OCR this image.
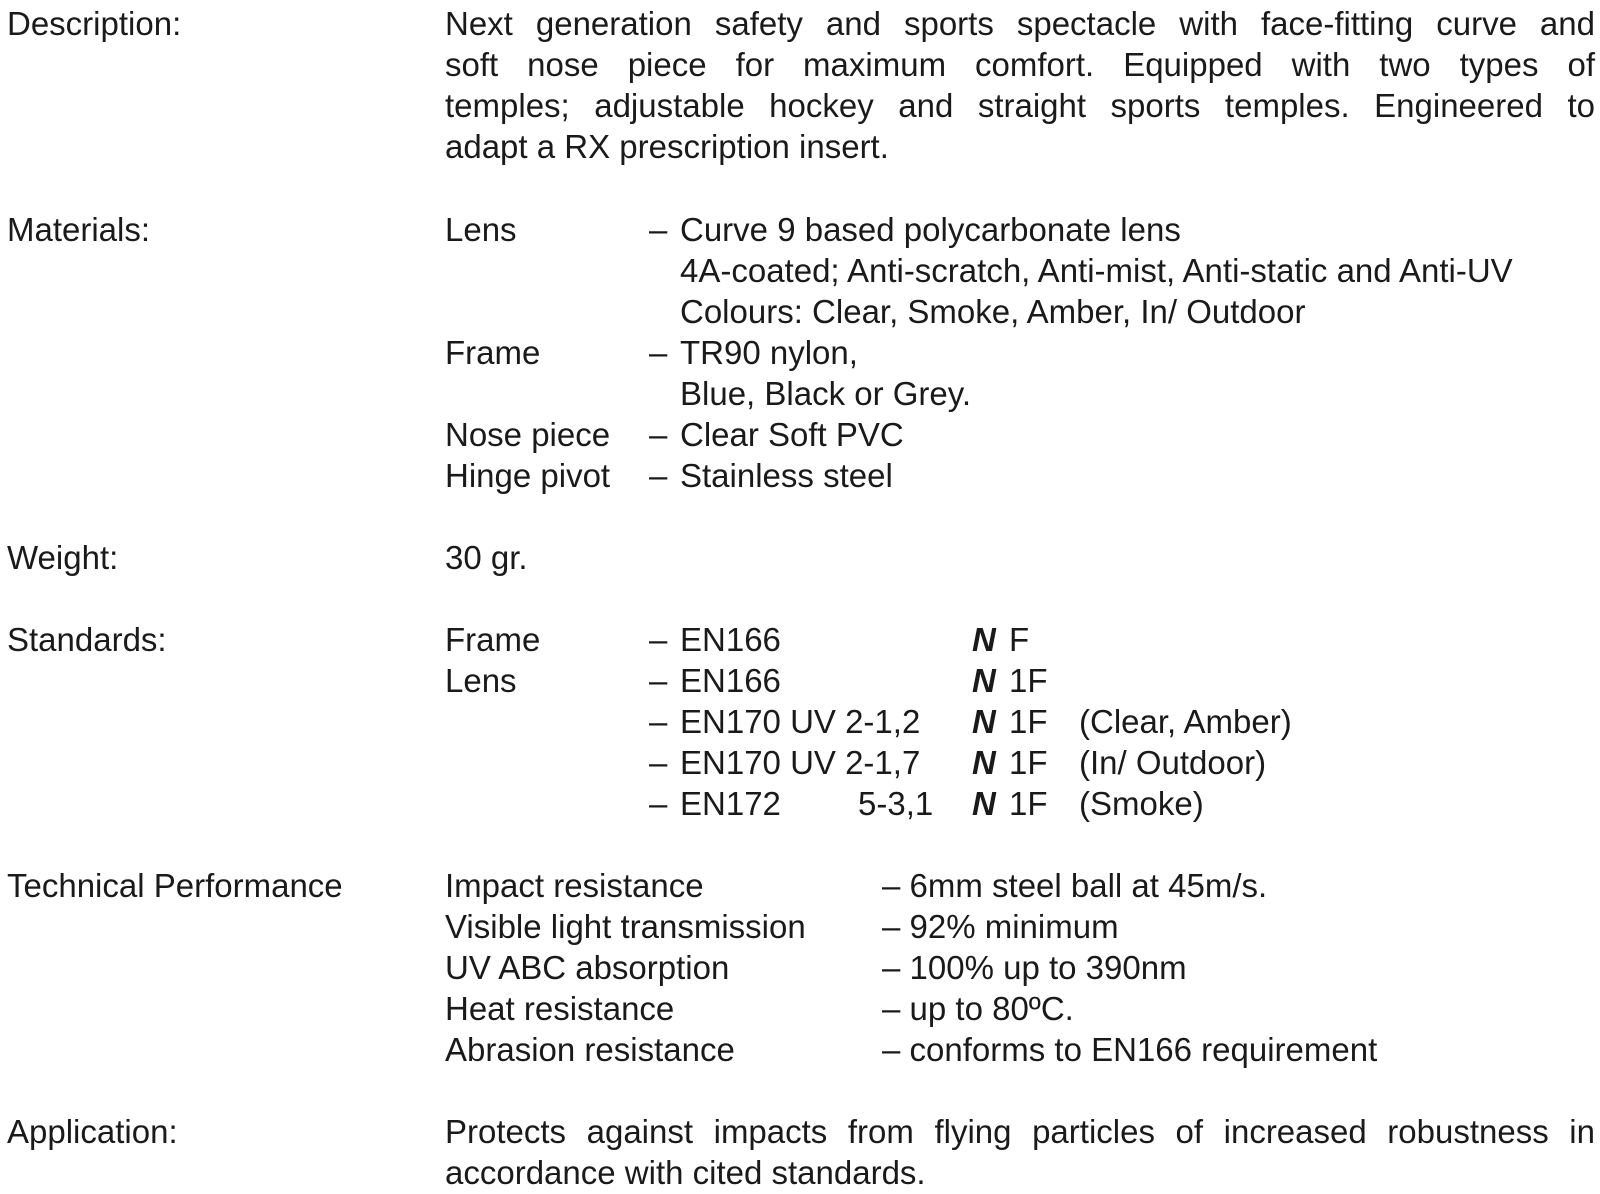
Description:	Next generation safety and sports spectacle with face-fitting curve and
soft nose piece for maximum comfort. Equipped with two types of
temples; adjustable hockey and straight sports temples. Engineered to
adapt a RX prescription insert.
Materials:	Lens	– Curve 9 based polycarbonate lens
4A-coated; Anti-scratch, Anti-mist, Anti-static and Anti-UV
Colours: Clear, Smoke, Amber, In/ Outdoor
Frame	– TR90 nylon,
Blue, Black or Grey.
Nose piece – Clear Soft PVC
Hinge pivot – Stainless steel
Weight:	30 gr.
Standards:	Frame	– EN166	N F
Lens	– EN166	N 1F
– EN170 UV 2-1,2 N 1F (Clear, Amber)
– EN170 UV 2-1,7 N 1F (In/ Outdoor)
– EN172 5-3,1 N 1F (Smoke)
Technical Performance	Impact resistance	– 6mm steel ball at 45m/s.
Visible light transmission – 92% minimum
UV ABC absorption	– 100% up to 390nm
Heat resistance	– up to 80ºC.
Abrasion resistance	– conforms to EN166 requirement
Application:	Protects against impacts from flying particles of increased robustness in
accordance with cited standards.
